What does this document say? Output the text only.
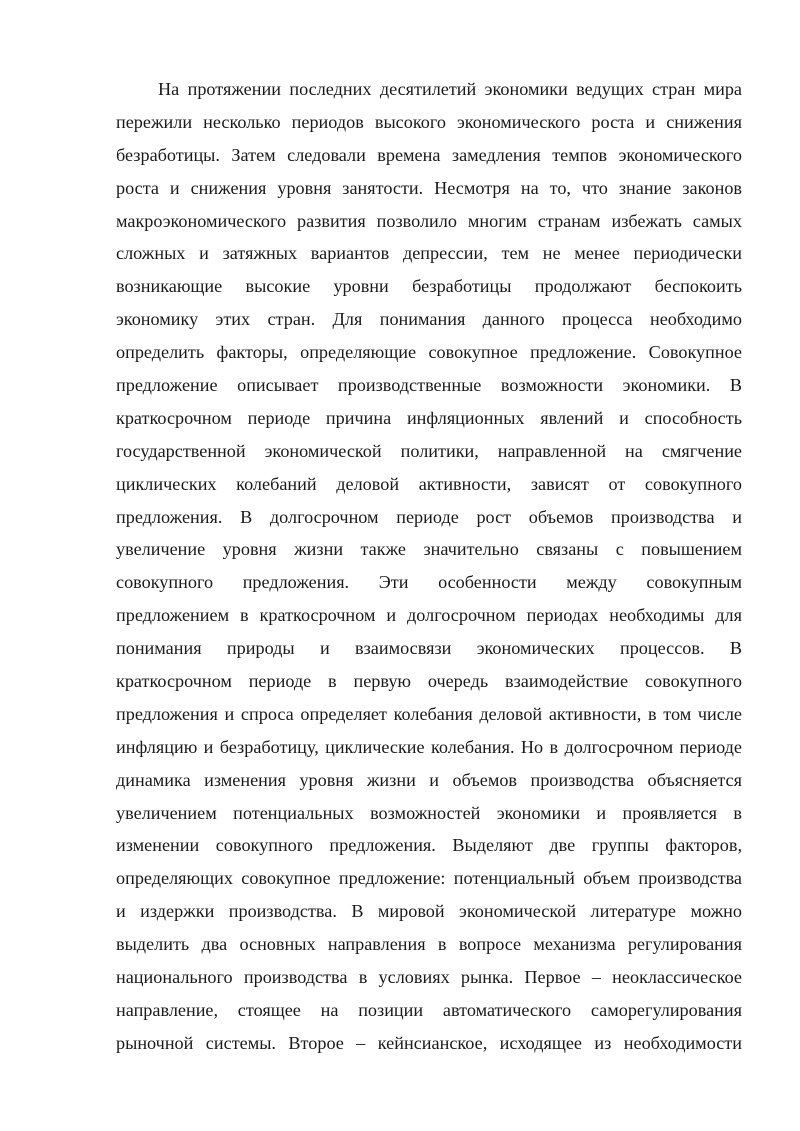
На протяжении последних десятилетий экономики ведущих стран мира
пережили несколько периодов высокого экономического роста и снижения
безработицы. Затем следовали времена замедления темпов экономического
роста и снижения уровня занятости. Несмотря на то, что знание законов
макроэкономического развития позволило многим странам избежать самых
сложных и затяжных вариантов депрессии, тем не менее периодически
возникающие высокие уровни безработицы продолжают беспокоить
экономику этих стран. Для понимания данного процесса необходимо
определить факторы, определяющие совокупное предложение. Совокупное
предложение описывает производственные возможности экономики. В
краткосрочном периоде причина инфляционных явлений и способность
государственной экономической политики, направленной на смягчение
циклических колебаний деловой активности, зависят от совокупного
предложения. В долгосрочном периоде рост объемов производства и
увеличение уровня жизни также значительно связаны с повышением
совокупного предложения. Эти особенности между совокупным
предложением в краткосрочном и долгосрочном периодах необходимы для
понимания природы и взаимосвязи экономических процессов. В
краткосрочном периоде в первую очередь взаимодействие совокупного
предложения и спроса определяет колебания деловой активности, в том числе
инфляцию и безработицу, циклические колебания. Но в долгосрочном периоде
динамика изменения уровня жизни и объемов производства объясняется
увеличением потенциальных возможностей экономики и проявляется в
изменении совокупного предложения. Выделяют две группы факторов,
определяющих совокупное предложение: потенциальный объем производства
и издержки производства. В мировой экономической литературе можно
выделить два основных направления в вопросе механизма регулирования
национального производства в условиях рынка. Первое – неоклассическое
направление, стоящее на позиции автоматического саморегулирования
рыночной системы. Второе – кейнсианское, исходящее из необходимости
